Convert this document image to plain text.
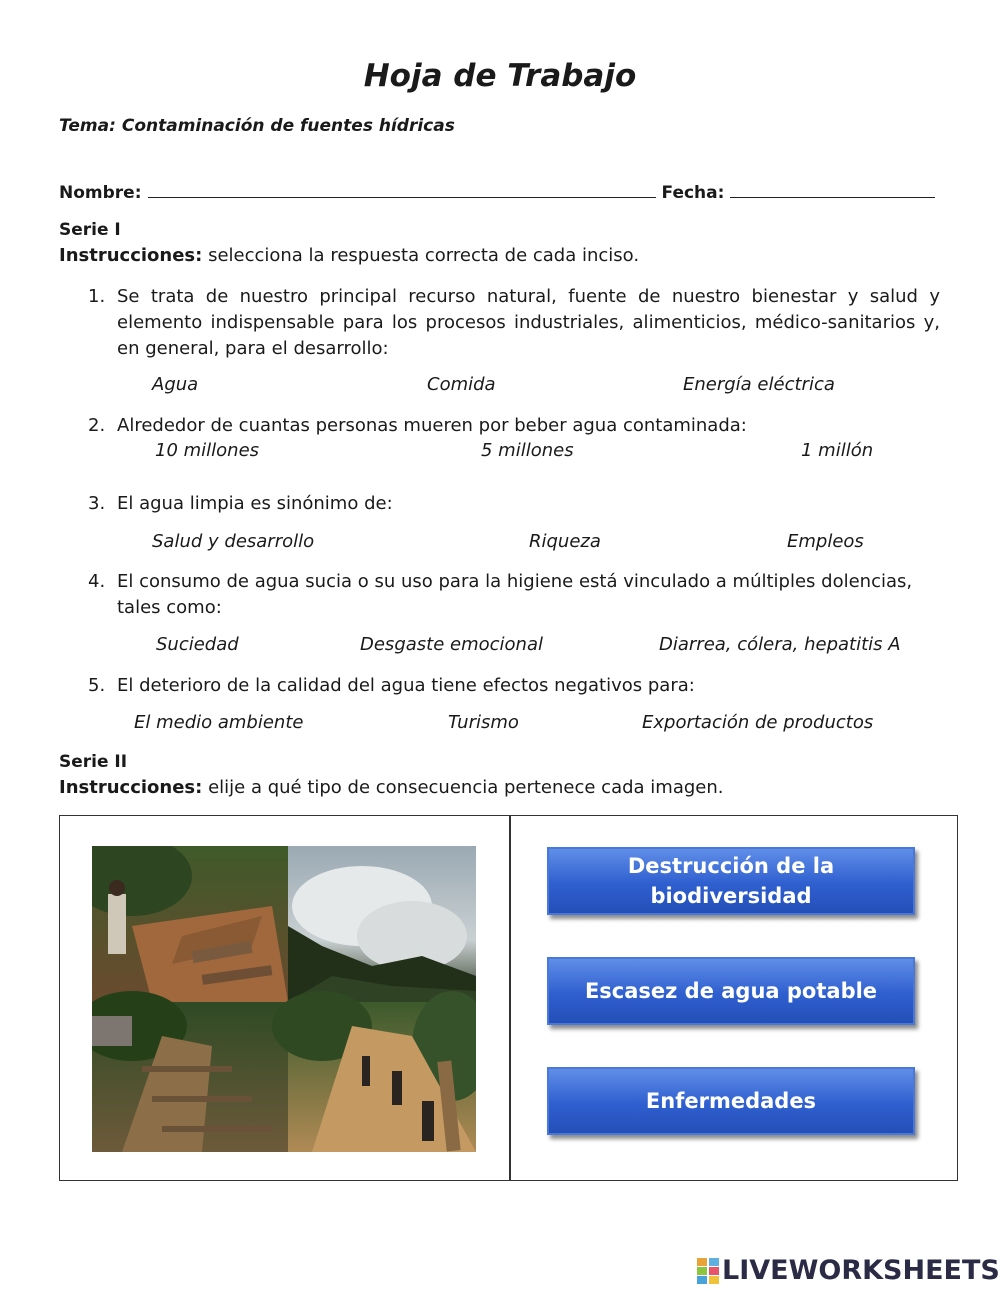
Hoja de Trabajo
Tema: Contaminación de fuentes hídricas
Nombre:	Fecha:
Serie I
Instrucciones: selecciona la respuesta correcta de cada inciso.
1. Se trata de nuestro principal recurso natural, fuente de nuestro bienestar y salud y elemento indispensable para los procesos industriales, alimenticios, médico-sanitarios y, en general, para el desarrollo:
Agua	Comida	Energía eléctrica
2. Alrededor de cuantas personas mueren por beber agua contaminada:
10 millones	5 millones	1 millón
3. El agua limpia es sinónimo de:
Salud y desarrollo	Riqueza	Empleos
4. El consumo de agua sucia o su uso para la higiene está vinculado a múltiples dolencias, tales como:
Suciedad	Desgaste emocional	Diarrea, cólera, hepatitis A
5. El deterioro de la calidad del agua tiene efectos negativos para:
El medio ambiente	Turismo	Exportación de productos
Serie II
Instrucciones: elije a qué tipo de consecuencia pertenece cada imagen.
Destrucción de la biodiversidad
Escasez de agua potable
Enfermedades
LIVEWORKSHEETS
